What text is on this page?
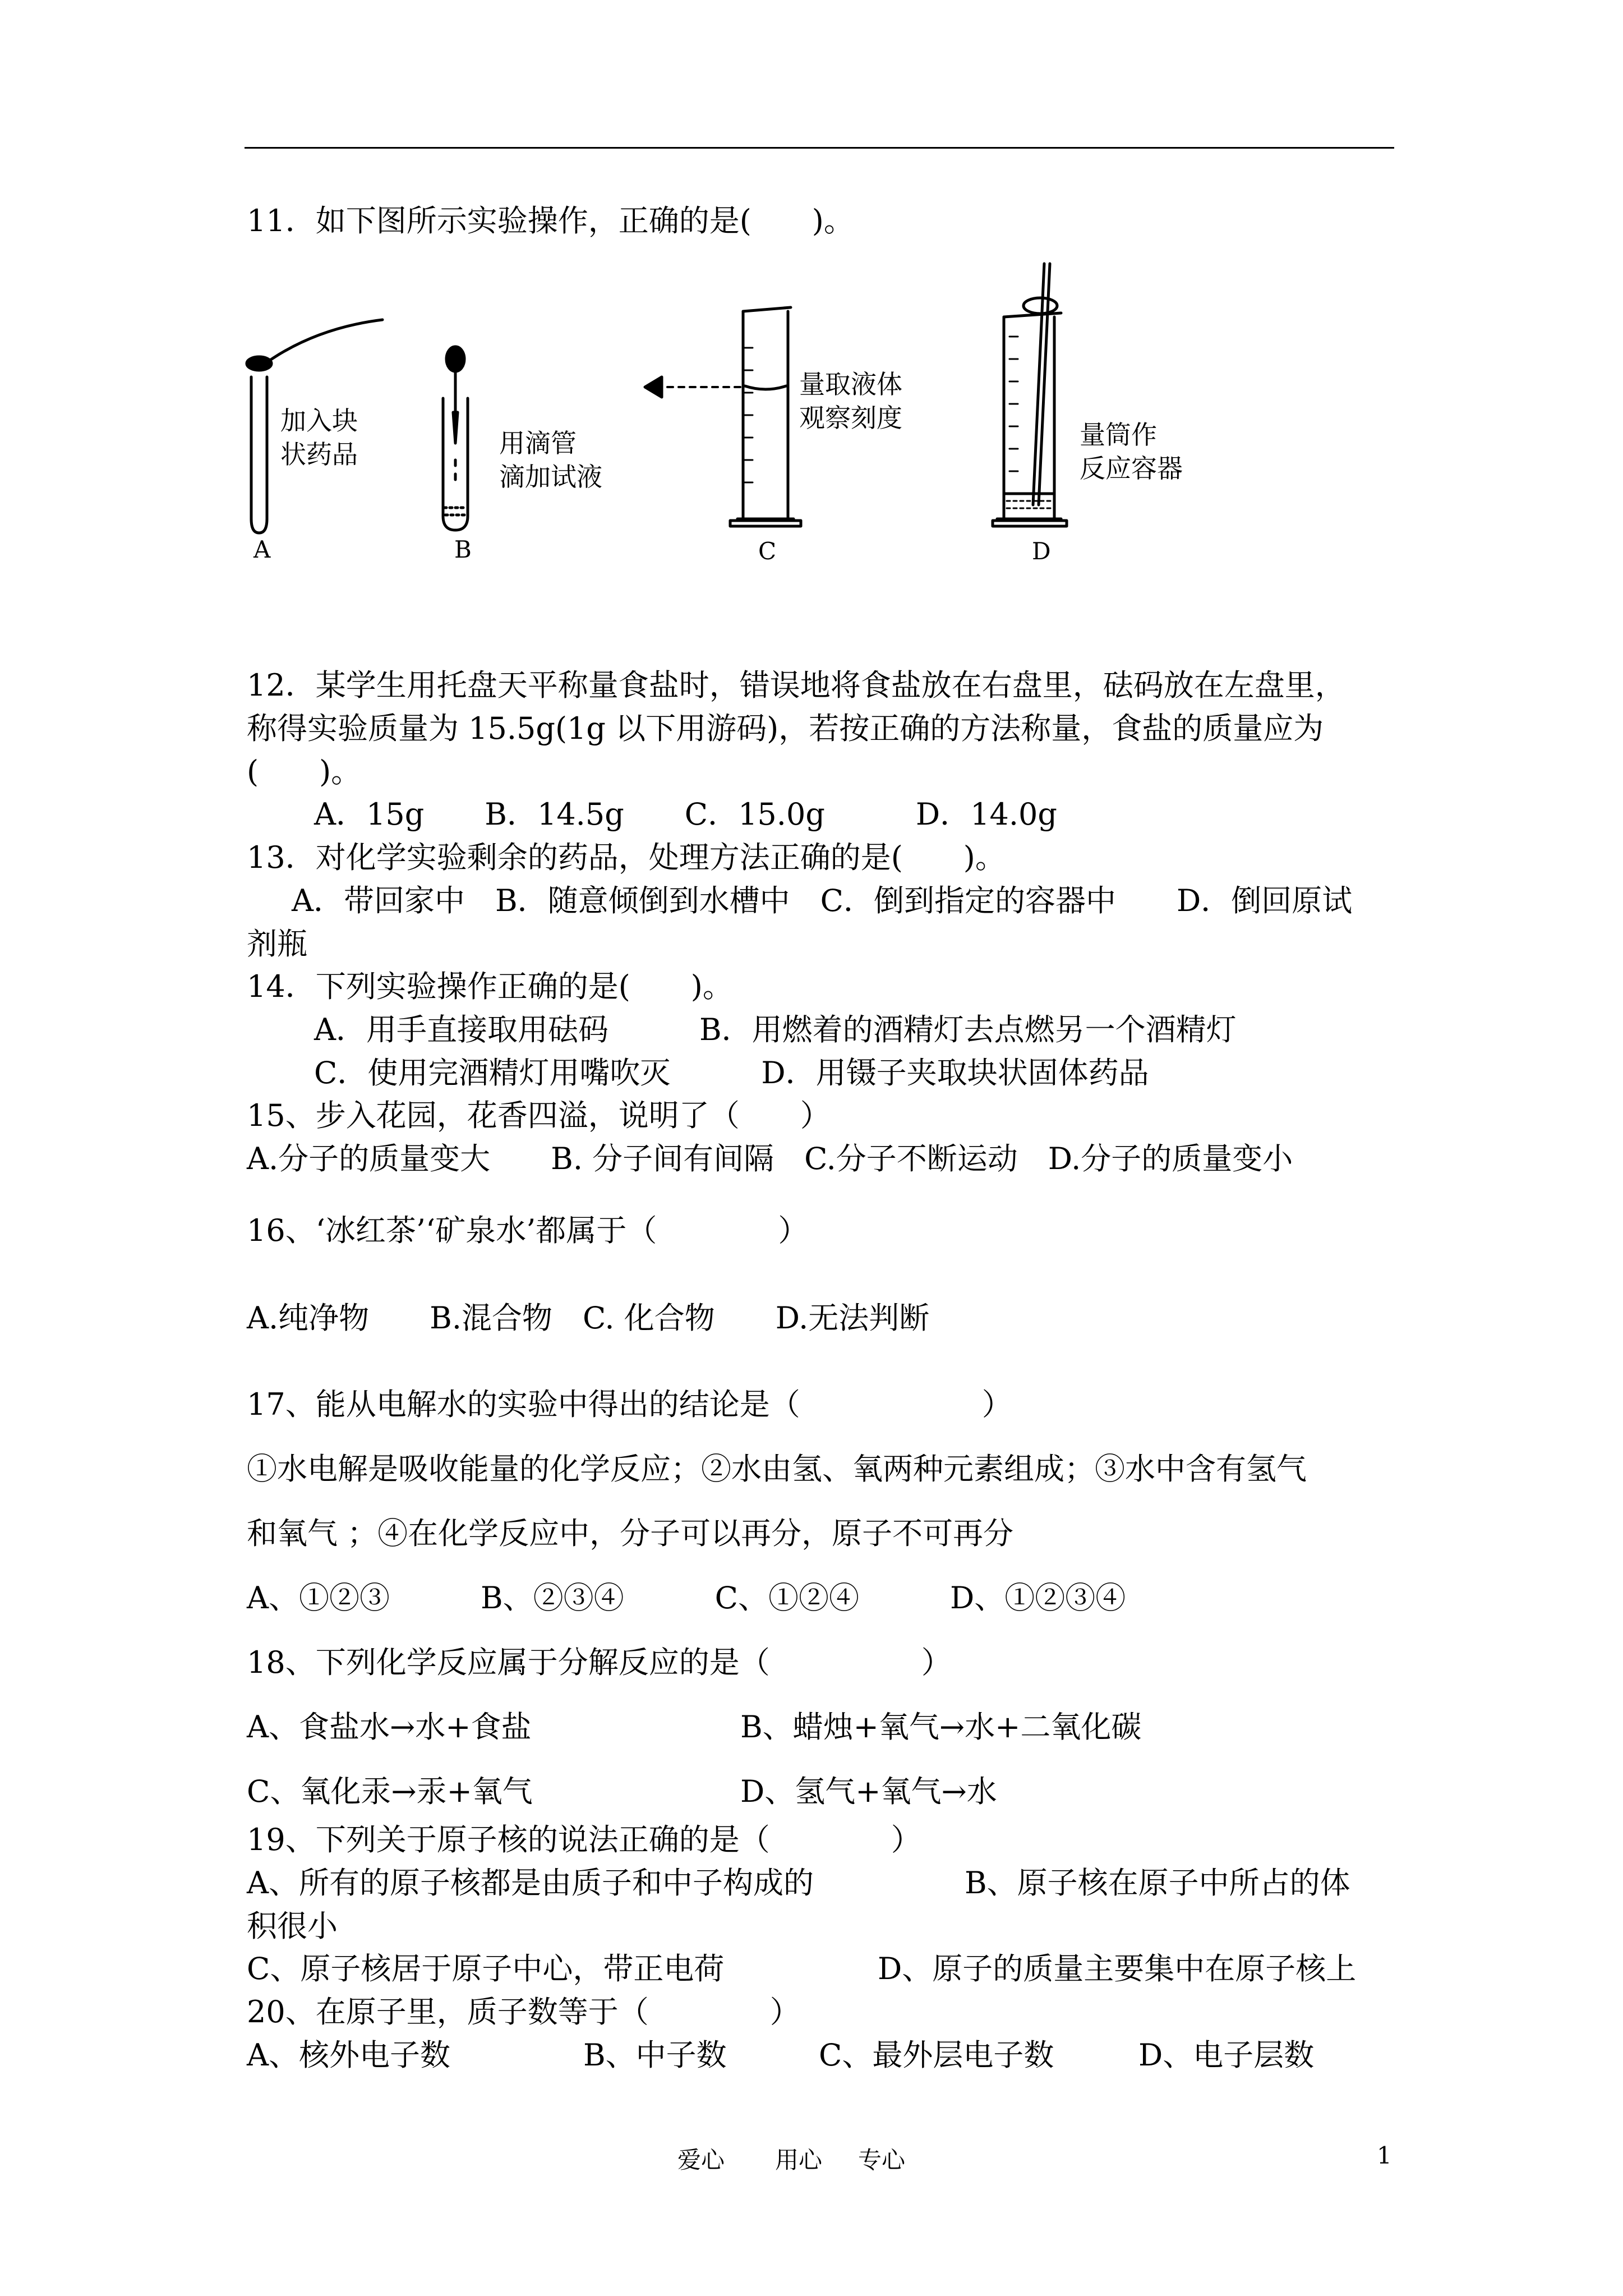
11．如下图所示实验操作，正确的是(　　)。
加入块
状药品
A
用滴管
滴加试液
B
量取液体
观察刻度
C
量筒作
反应容器
D
12．某学生用托盘天平称量食盐时，错误地将食盐放在右盘里，砝码放在左盘里，
称得实验质量为 15.5g(1g 以下用游码)，若按正确的方法称量，食盐的质量应为
(　　)。
A．15g　　B．14.5g　　C．15.0g　　　D．14.0g
13．对化学实验剩余的药品，处理方法正确的是(　　)。
A．带回家中　B．随意倾倒到水槽中　C．倒到指定的容器中　　D．倒回原试
剂瓶
14．下列实验操作正确的是(　　)。
A．用手直接取用砝码　　　B．用燃着的酒精灯去点燃另一个酒精灯
C．使用完酒精灯用嘴吹灭　　　D．用镊子夹取块状固体药品
15、步入花园，花香四溢，说明了（　　）
A.分子的质量变大　　B. 分子间有间隔　C.分子不断运动　D.分子的质量变小
16、‘冰红茶’‘矿泉水’都属于（　　　　）
A.纯净物　　B.混合物　C. 化合物　　D.无法判断
17、能从电解水的实验中得出的结论是（　　　　　　）
①水电解是吸收能量的化学反应；②水由氢、氧两种元素组成；③水中含有氢气
和氧气 ；④在化学反应中，分子可以再分，原子不可再分
A、①②③　　　B、②③④　　　C、①②④　　　D、①②③④
18、下列化学反应属于分解反应的是（　　　　　）
A、食盐水→水+食盐	B、蜡烛+氧气→水+二氧化碳
C、氧化汞→汞+氧气	D、氢气+氧气→水
19、下列关于原子核的说法正确的是（　　　　）
A、所有的原子核都是由质子和中子构成的	B、原子核在原子中所占的体
积很小
C、原子核居于原子中心，带正电荷	D、原子的质量主要集中在原子核上
20、在原子里，质子数等于（　　　　）
A、核外电子数	B、中子数	C、最外层电子数	D、电子层数
爱心 用心 专心	1
